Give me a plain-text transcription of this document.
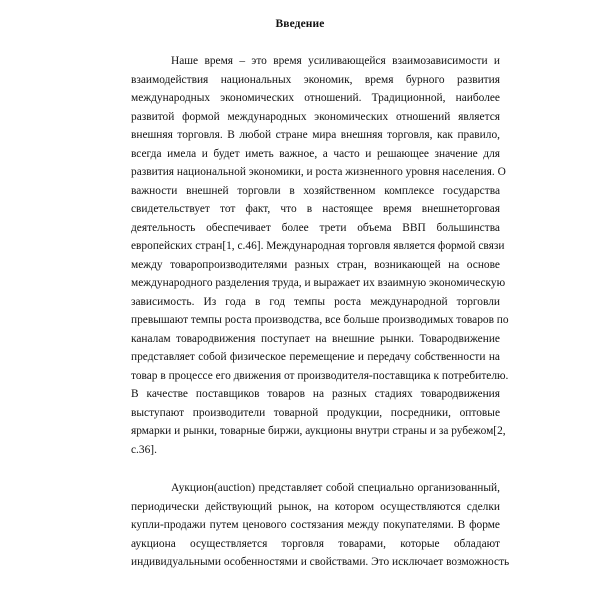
Введение
Наше время – это время усиливающейся взаимозависимости и
взаимодействия национальных экономик, время бурного развития
международных экономических отношений. Традиционной, наиболее
развитой формой международных экономических отношений является
внешняя торговля. В любой стране мира внешняя торговля, как правило,
всегда имела и будет иметь важное, а часто и решающее значение для
развития национальной экономики, и роста жизненного уровня населения. О
важности внешней торговли в хозяйственном комплексе государства
свидетельствует тот факт, что в настоящее время внешнеторговая
деятельность обеспечивает более трети объема ВВП большинства
европейских стран[1, с.46]. Международная торговля является формой связи
между товаропроизводителями разных стран, возникающей на основе
международного разделения труда, и выражает их взаимную экономическую
зависимость. Из года в год темпы роста международной торговли
превышают темпы роста производства, все больше производимых товаров по
каналам товародвижения поступает на внешние рынки. Товародвижение
представляет собой физическое перемещение и передачу собственности на
товар в процессе его движения от производителя-поставщика к потребителю.
В качестве поставщиков товаров на разных стадиях товародвижения
выступают производители товарной продукции, посредники, оптовые
ярмарки и рынки, товарные биржи, аукционы внутри страны и за рубежом[2,
с.36].
Аукцион(auction) представляет собой специально организованный,
периодически действующий рынок, на котором осуществляются сделки
купли-продажи путем ценового состязания между покупателями. В форме
аукциона осуществляется торговля товарами, которые обладают
индивидуальными особенностями и свойствами. Это исключает возможность
